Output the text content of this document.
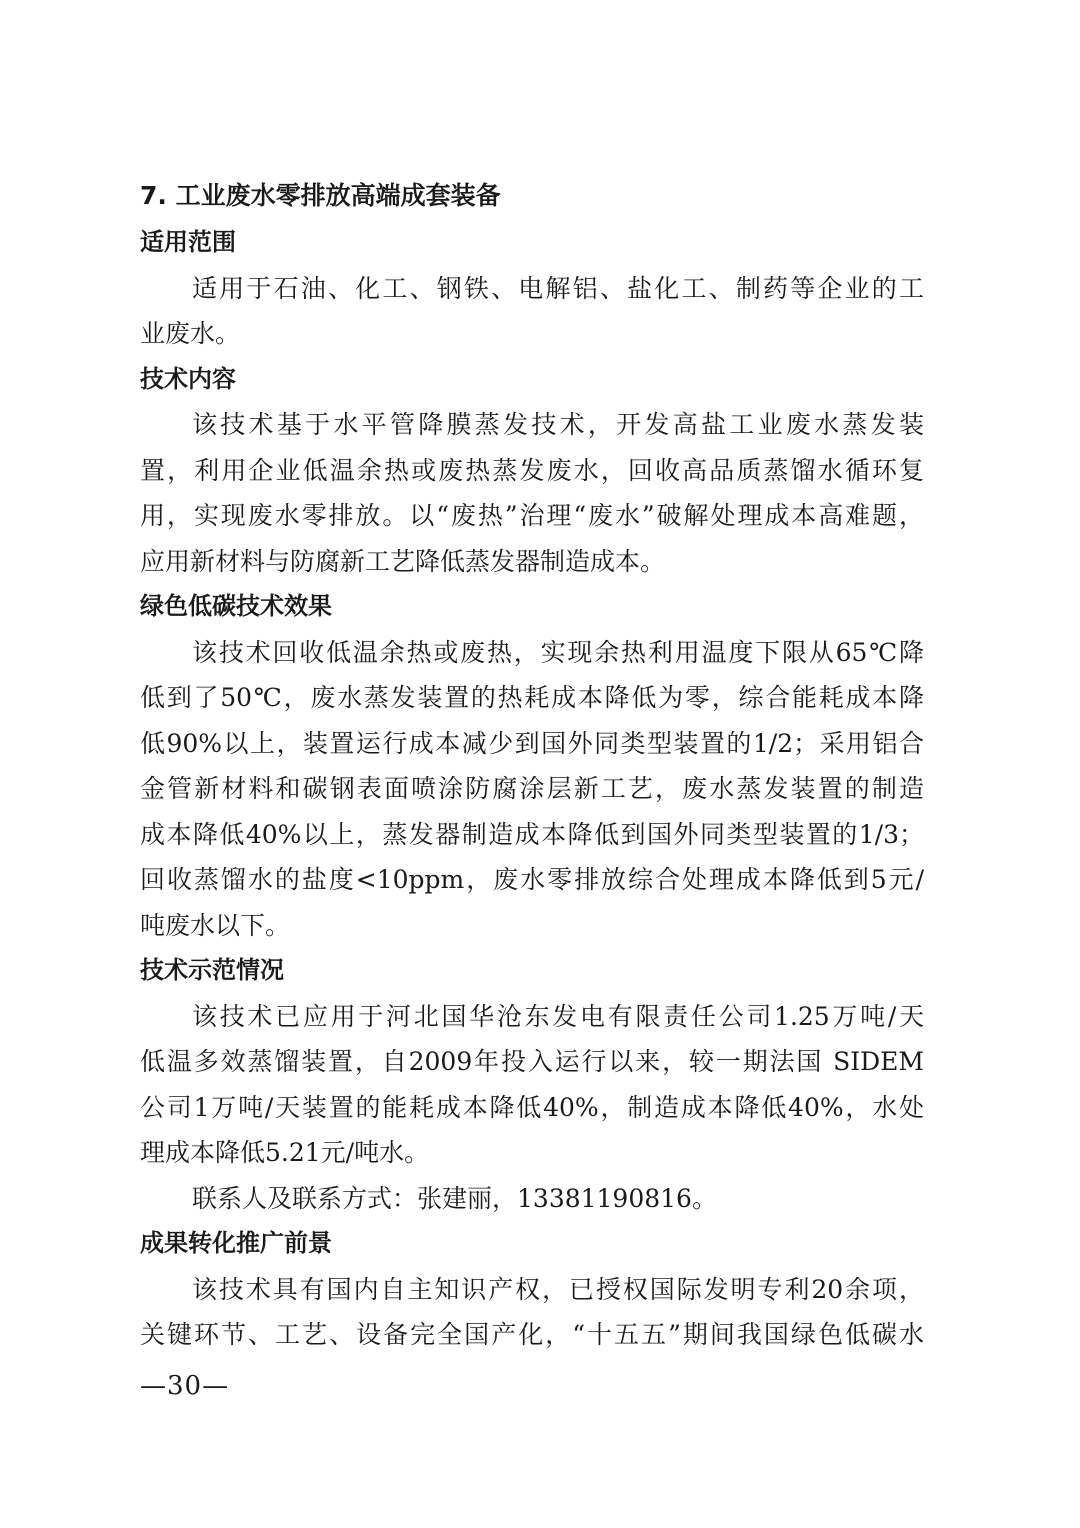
7. 工业废水零排放高端成套装备
适用范围
适用于石油、化工、钢铁、电解铝、盐化工、制药等企业的工
业废水。
技术内容
该技术基于水平管降膜蒸发技术，开发高盐工业废水蒸发装
置，利用企业低温余热或废热蒸发废水，回收高品质蒸馏水循环复
用，实现废水零排放。以“废热”治理“废水”破解处理成本高难题，
应用新材料与防腐新工艺降低蒸发器制造成本。
绿色低碳技术效果
该技术回收低温余热或废热，实现余热利用温度下限从65℃降
低到了50℃，废水蒸发装置的热耗成本降低为零，综合能耗成本降
低90%以上，装置运行成本减少到国外同类型装置的1/2；采用铝合
金管新材料和碳钢表面喷涂防腐涂层新工艺，废水蒸发装置的制造
成本降低40%以上，蒸发器制造成本降低到国外同类型装置的1/3；
回收蒸馏水的盐度<10ppm，废水零排放综合处理成本降低到5元/
吨废水以下。
技术示范情况
该技术已应用于河北国华沧东发电有限责任公司1.25万吨/天
低温多效蒸馏装置，自2009年投入运行以来，较一期法国 SIDEM
公司1万吨/天装置的能耗成本降低40%，制造成本降低40%，水处
理成本降低5.21元/吨水。
联系人及联系方式：张建丽，13381190816。
成果转化推广前景
该技术具有国内自主知识产权，已授权国际发明专利20余项，
关键环节、工艺、设备完全国产化，“十五五”期间我国绿色低碳水
—30—
